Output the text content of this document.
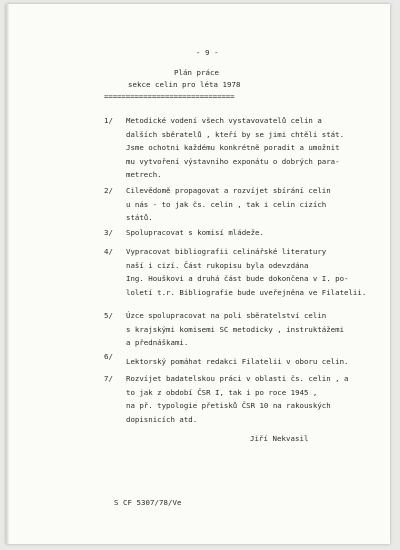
- 9 -
Plán práce
sekce celin pro léta 1978
==============================
1/ Metodické vodení všech vystavovatelů celin a
dalších sběratelů , kteří by se jimi chtěli stát.
Jsme ochotni každému konkrétně poradit a umožnit
mu vytvoření výstavního exponátu o dobrých para-
metrech.
2/ Cilevědomě propagovat a rozvíjet sbírání celin
u nás - to jak čs. celin , tak i celin cizích
států.
3/ Spolupracovat s komisí mládeže.
4/ Vypracovat bibliografii celinářské literatury
naší i cizí. Část rukopisu byla odevzdána
Ing. Houškovi a druhá část bude dokončena v I. po-
loletí t.r. Bibliografie bude uveřejněna ve Filatelii.
5/ Úzce spolupracovat na poli sběratelství celin
s krajskými komisemi SC metodicky , instruktážemi
a přednáškami.
6/
Lektorský pomáhat redakci Filatelii v oboru celin.
7/ Rozvíjet badatelskou práci v oblasti čs. celin , a
to jak z období ČSR I, tak i po roce 1945 ,
na př. typologie přetisků ČSR 10 na rakouských
dopisnicích atd.
Jiří Nekvasil
S CF 5307/78/Ve
